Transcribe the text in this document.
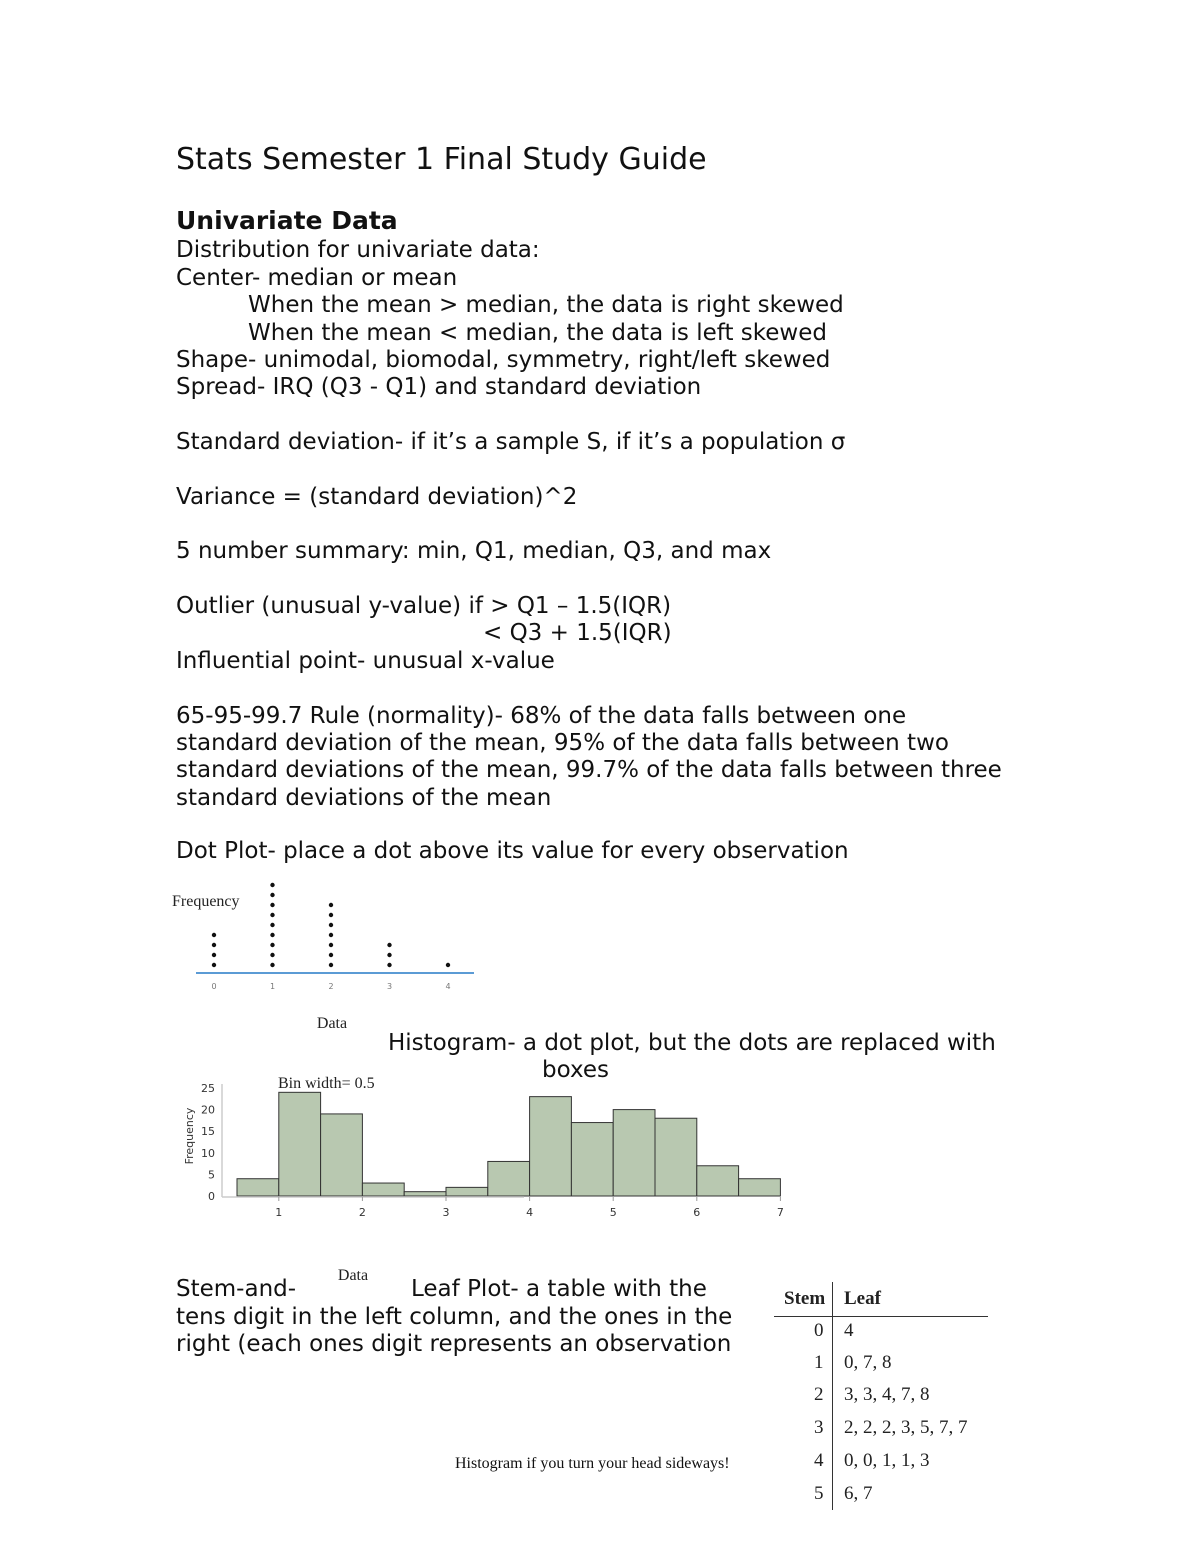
Stats Semester 1 Final Study Guide
Univariate Data
Distribution for univariate data:
Center- median or mean
When the mean > median, the data is right skewed
When the mean < median, the data is left skewed
Shape- unimodal, biomodal, symmetry, right/left skewed
Spread- IRQ (Q3 - Q1) and standard deviation
Standard deviation- if it’s a sample S, if it’s a population σ
Variance = (standard deviation)^2
5 number summary: min, Q1, median, Q3, and max
Outlier (unusual y-value) if > Q1 – 1.5(IQR)
< Q3 + 1.5(IQR)
Influential point- unusual x-value
65-95-99.7 Rule (normality)- 68% of the data falls between one
standard deviation of the mean, 95% of the data falls between two
standard deviations of the mean, 99.7% of the data falls between three
standard deviations of the mean
Dot Plot- place a dot above its value for every observation
Frequency
0	1	2	3	4
Data
Histogram- a dot plot, but the dots are replaced with
boxes
0
5
10
15
20
25
1	2	3	4	5	6	7
Bin width= 0.5
Frequency
Data
Stem-and-	Leaf Plot- a table with the
tens digit in the left column, and the ones in the
right (each ones digit represents an observation
Stem Leaf
0 4
1 0, 7, 8
2 3, 3, 4, 7, 8
3 2, 2, 2, 3, 5, 7, 7
4 0, 0, 1, 1, 3
5 6, 7
Histogram if you turn your head sideways!
